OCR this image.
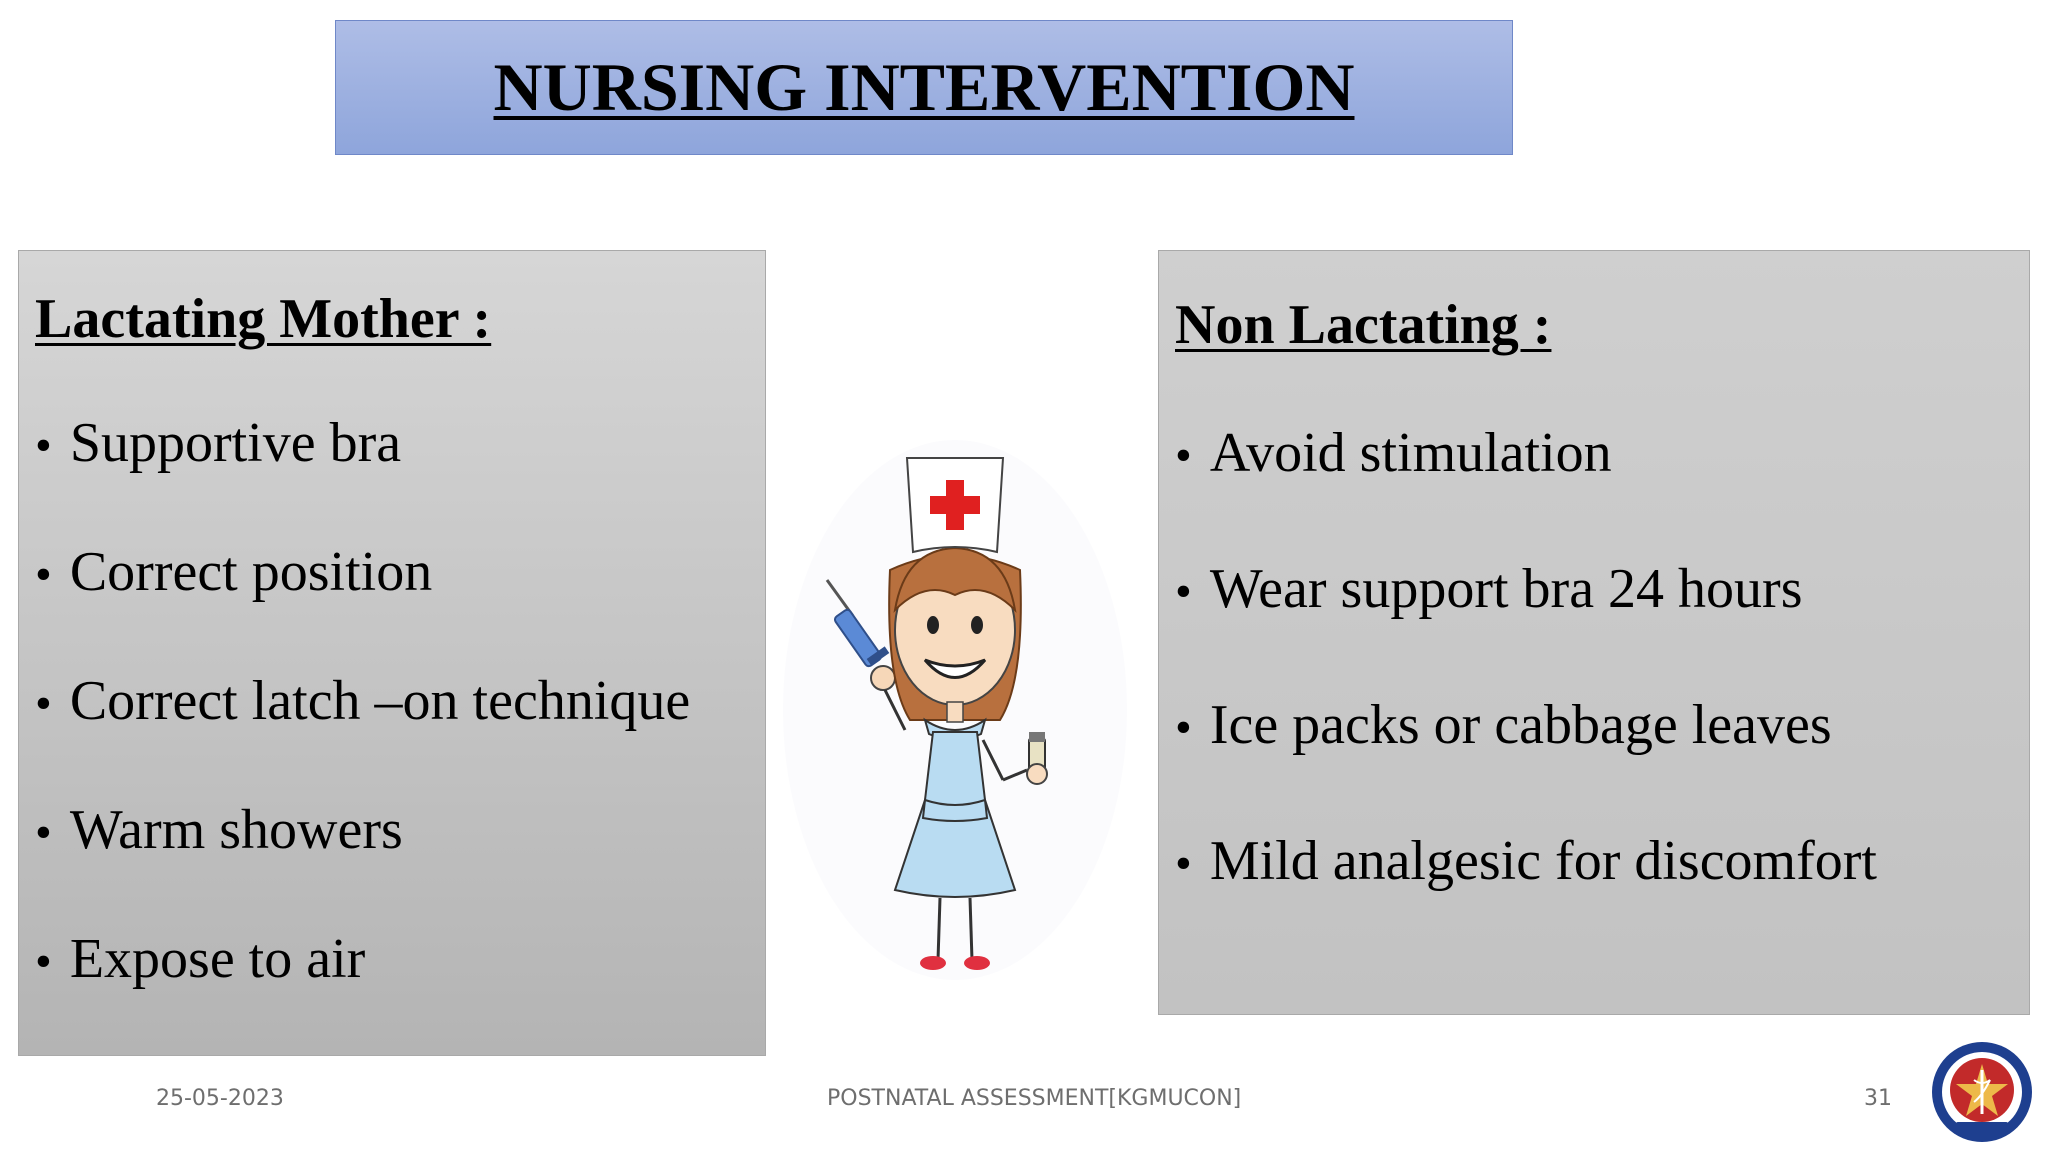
NURSING INTERVENTION
Lactating Mother :
• Supportive bra
• Correct position
• Correct latch –on technique
• Warm showers
• Expose to air
Non Lactating :
• Avoid stimulation
• Wear support bra 24 hours
• Ice packs or cabbage leaves
• Mild analgesic for discomfort
25-05-2023	POSTNATAL ASSESSMENT[KGMUCON]	31
